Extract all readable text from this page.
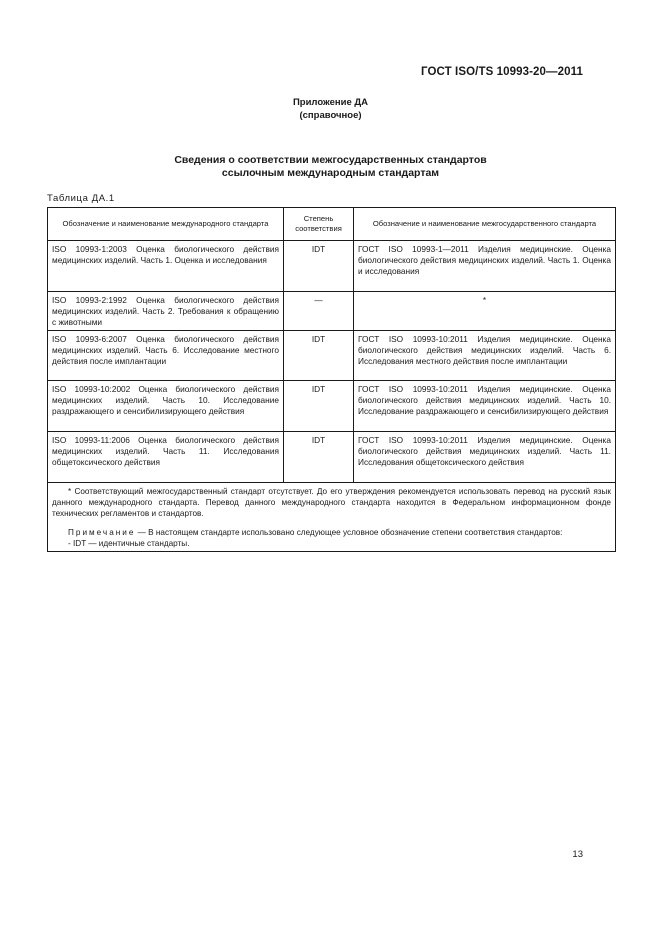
ГОСТ ISO/TS 10993-20—2011
Приложение ДА
(справочное)
Сведения о соответствии межгосударственных стандартов
ссылочным международным стандартам
Таблица ДА.1
Обозначение и наименование международного стандарта	Степень соответствия	Обозначение и наименование межгосударственного стандарта
ISO 10993-1:2003 Оценка биологического действия медицинских изделий. Часть 1. Оценка и исследования	IDT	ГОСТ ISO 10993-1—2011 Изделия медицинские. Оценка биологического действия медицинских изделий. Часть 1. Оценка и исследования
ISO 10993-2:1992 Оценка биологического действия медицинских изделий. Часть 2. Требования к обращению с животными	—	*
ISO 10993-6:2007 Оценка биологического действия медицинских изделий. Часть 6. Исследование местного действия после имплантации	IDT	ГОСТ ISO 10993-10:2011 Изделия медицинские. Оценка биологического действия медицинских изделий. Часть 6. Исследования местного действия после имплантации
ISO 10993-10:2002 Оценка биологического действия медицинских изделий. Часть 10. Исследование раздражающего и сенсибилизирующего действия	IDT	ГОСТ ISO 10993-10:2011 Изделия медицинские. Оценка биологического действия медицинских изделий. Часть 10. Исследование раздражающего и сенсибилизирующего действия
ISO 10993-11:2006 Оценка биологического действия медицинских изделий. Часть 11. Исследования общетоксического действия	IDT	ГОСТ ISO 10993-10:2011 Изделия медицинские. Оценка биологического действия медицинских изделий. Часть 11. Исследования общетоксического действия

* Соответствующий межгосударственный стандарт отсутствует. До его утверждения рекомендуется использовать перевод на русский язык данного международного стандарта. Перевод данного международного стандарта находится в Федеральном информационном фонде технических регламентов и стандартов.

Примечание — В настоящем стандарте использовано следующее условное обозначение степени соответствия стандартов:

- IDT — идентичные стандарты.		

13
